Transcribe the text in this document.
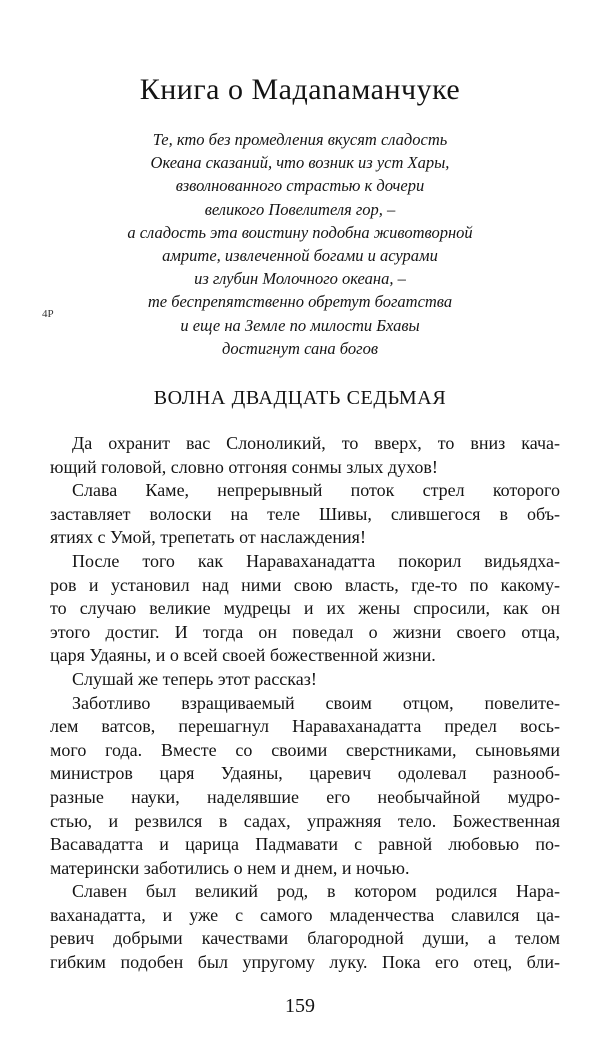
Книга о Мадanаманчуке
Те, кто без промедления вкусят сладость
Океана сказаний, что возник из уст Хары,
взволнованного страстью к дочери
великого Повелителя гор, –
а сладость эта воистину подобна животворной
амрите, извлеченной богами и асурами
из глубин Молочного океана, –
те беспрепятственно обретут богатства
и еще на Земле по милости Бхавы
достигнут сана богов
4Р
ВОЛНА ДВАДЦАТЬ СЕДЬМАЯ
Да охранит вас Слоноликий, то вверх, то вниз кача-
ющий головой, словно отгоняя сонмы злых духов!
Слава Каме, непрерывный поток стрел которого
заставляет волоски на теле Шивы, слившегося в объ-
ятиях с Умой, трепетать от наслаждения!
После того как Нараваханадатта покорил видьядха-
ров и установил над ними свою власть, где-то по какому-
то случаю великие мудрецы и их жены спросили, как он
этого достиг. И тогда он поведал о жизни своего отца,
царя Удаяны, и о всей своей божественной жизни.
Слушай же теперь этот рассказ!
Заботливо взращиваемый своим отцом, повелите-
лем ватсов, перешагнул Нараваханадатта предел вось-
мого года. Вместе со своими сверстниками, сыновьями
министров царя Удаяны, царевич одолевал разнооб-
разные науки, наделявшие его необычайной мудро-
стью, и резвился в садах, упражняя тело. Божественная
Васавадатта и царица Падмавати с равной любовью по-
матерински заботились о нем и днем, и ночью.
Славен был великий род, в котором родился Нара-
ваханадатта, и уже с самого младенчества славился ца-
ревич добрыми качествами благородной души, а телом
гибким подобен был упругому луку. Пока его отец, бли-
159
